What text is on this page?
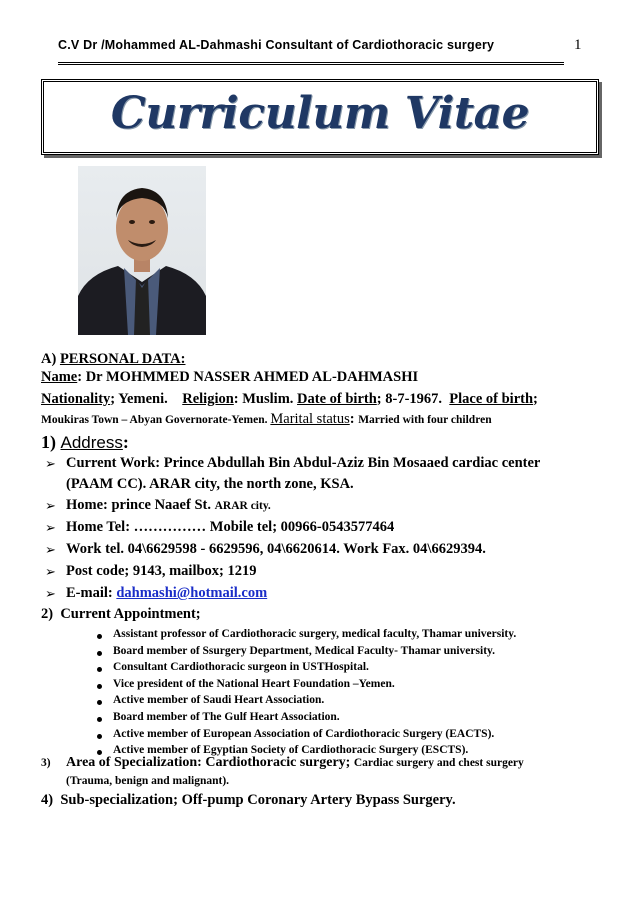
C.V Dr /Mohammed AL-Dahmashi Consultant of Cardiothoracic surgery	1
Curriculum Vitae
A) PERSONAL DATA:
Name: Dr MOHMMED NASSER AHMED AL-DAHMASHI
Nationality; Yemeni.    Religion: Muslim. Date of birth; 8-7-1967.  Place of birth;
Moukiras Town – Abyan Governorate-Yemen. Marital status: Married with four children
1) Address:
➢ Current Work: Prince Abdullah Bin Abdul-Aziz Bin Mosaaed cardiac center
(PAAM CC). ARAR city, the north zone, KSA.
➢ Home: prince Naaef St. ARAR city.
➢ Home Tel: …………… Mobile tel; 00966-0543577464
➢ Work tel. 04\6629598 - 6629596, 04\6620614. Work Fax. 04\6629394.
➢ Post code; 9143, mailbox; 1219
➢ E-mail: dahmashi@hotmail.com
2)  Current Appointment;
Assistant professor of Cardiothoracic surgery, medical faculty, Thamar university.
Board member of Ssurgery Department, Medical Faculty- Thamar university.
Consultant Cardiothoracic surgeon in USTHospital.
Vice president of the National Heart Foundation –Yemen.
Active member of Saudi Heart Association.
Board member of The Gulf Heart Association.
Active member of European Association of Cardiothoracic Surgery (EACTS).
Active member of Egyptian Society of Cardiothoracic Surgery (ESCTS).
3) Area of Specialization: Cardiothoracic surgery; Cardiac surgery and chest surgery
(Trauma, benign and malignant).
4)  Sub-specialization; Off-pump Coronary Artery Bypass Surgery.
